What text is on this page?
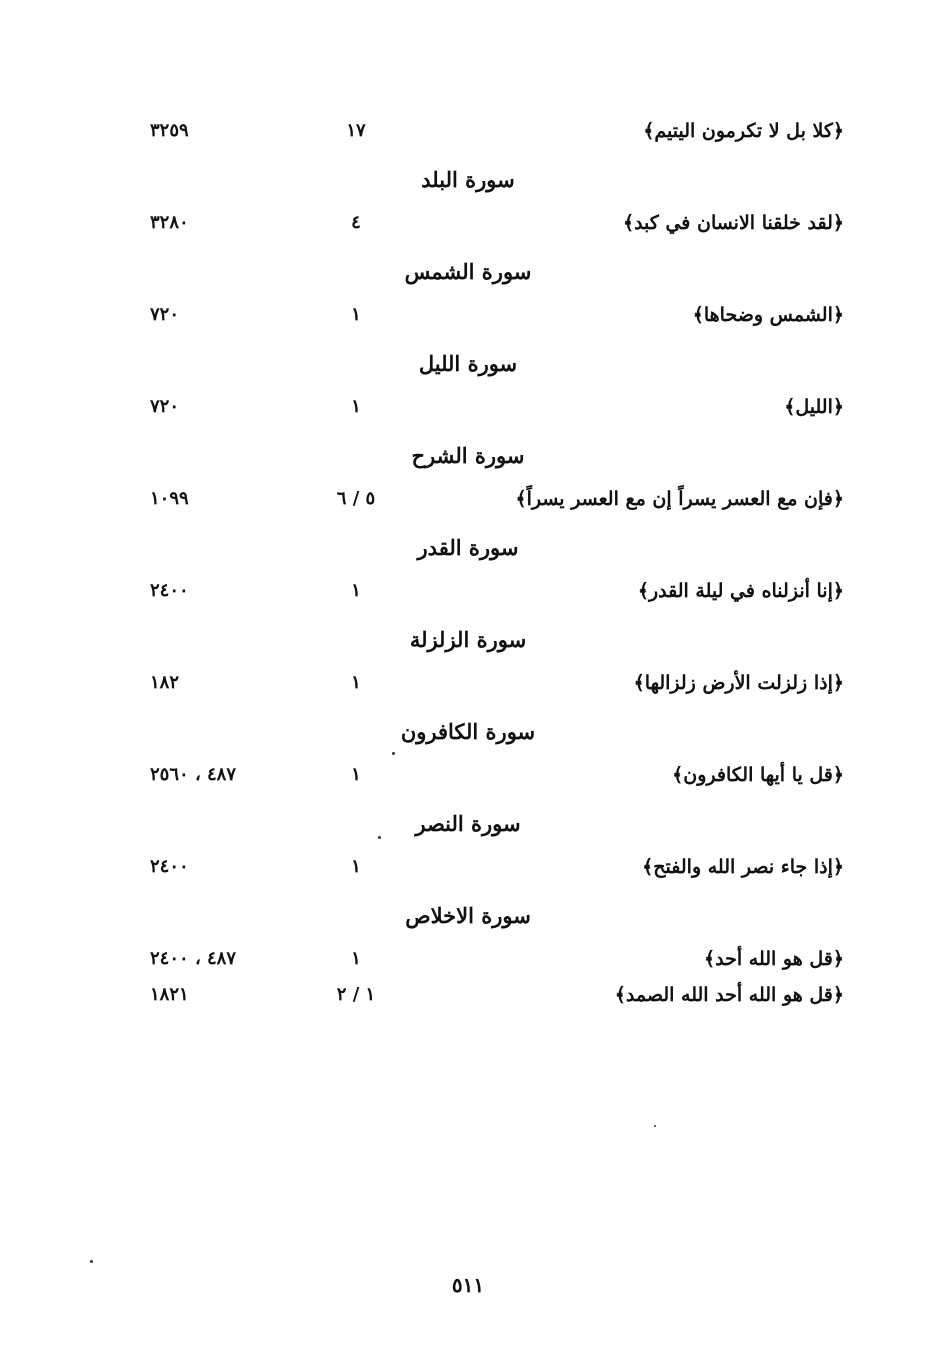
﴿كلا بل لا تكرمون اليتيم﴾
١٧
٣٢٥٩
سورة البلد
﴿لقد خلقنا الانسان في كبد﴾
٤
٣٢٨٠
سورة الشمس
﴿الشمس وضحاها﴾
١
٧٢٠
سورة الليل
﴿الليل﴾
١
٧٢٠
سورة الشرح
﴿فإن مع العسر يسراً إن مع العسر يسراً﴾
٥ / ٦
١٠٩٩
سورة القدر
﴿إنا أنزلناه في ليلة القدر﴾
١
٢٤٠٠
سورة الزلزلة
﴿إذا زلزلت الأرض زلزالها﴾
١
١٨٢
سورة الكافرون
﴿قل يا أيها الكافرون﴾
١
٤٨٧ ، ٢٥٦٠
سورة النصر
﴿إذا جاء نصر الله والفتح﴾
١
٢٤٠٠
سورة الاخلاص
﴿قل هو الله أحد﴾
١
٤٨٧ ، ٢٤٠٠
﴿قل هو الله أحد الله الصمد﴾
١ / ٢
١٨٢١
٥١١
